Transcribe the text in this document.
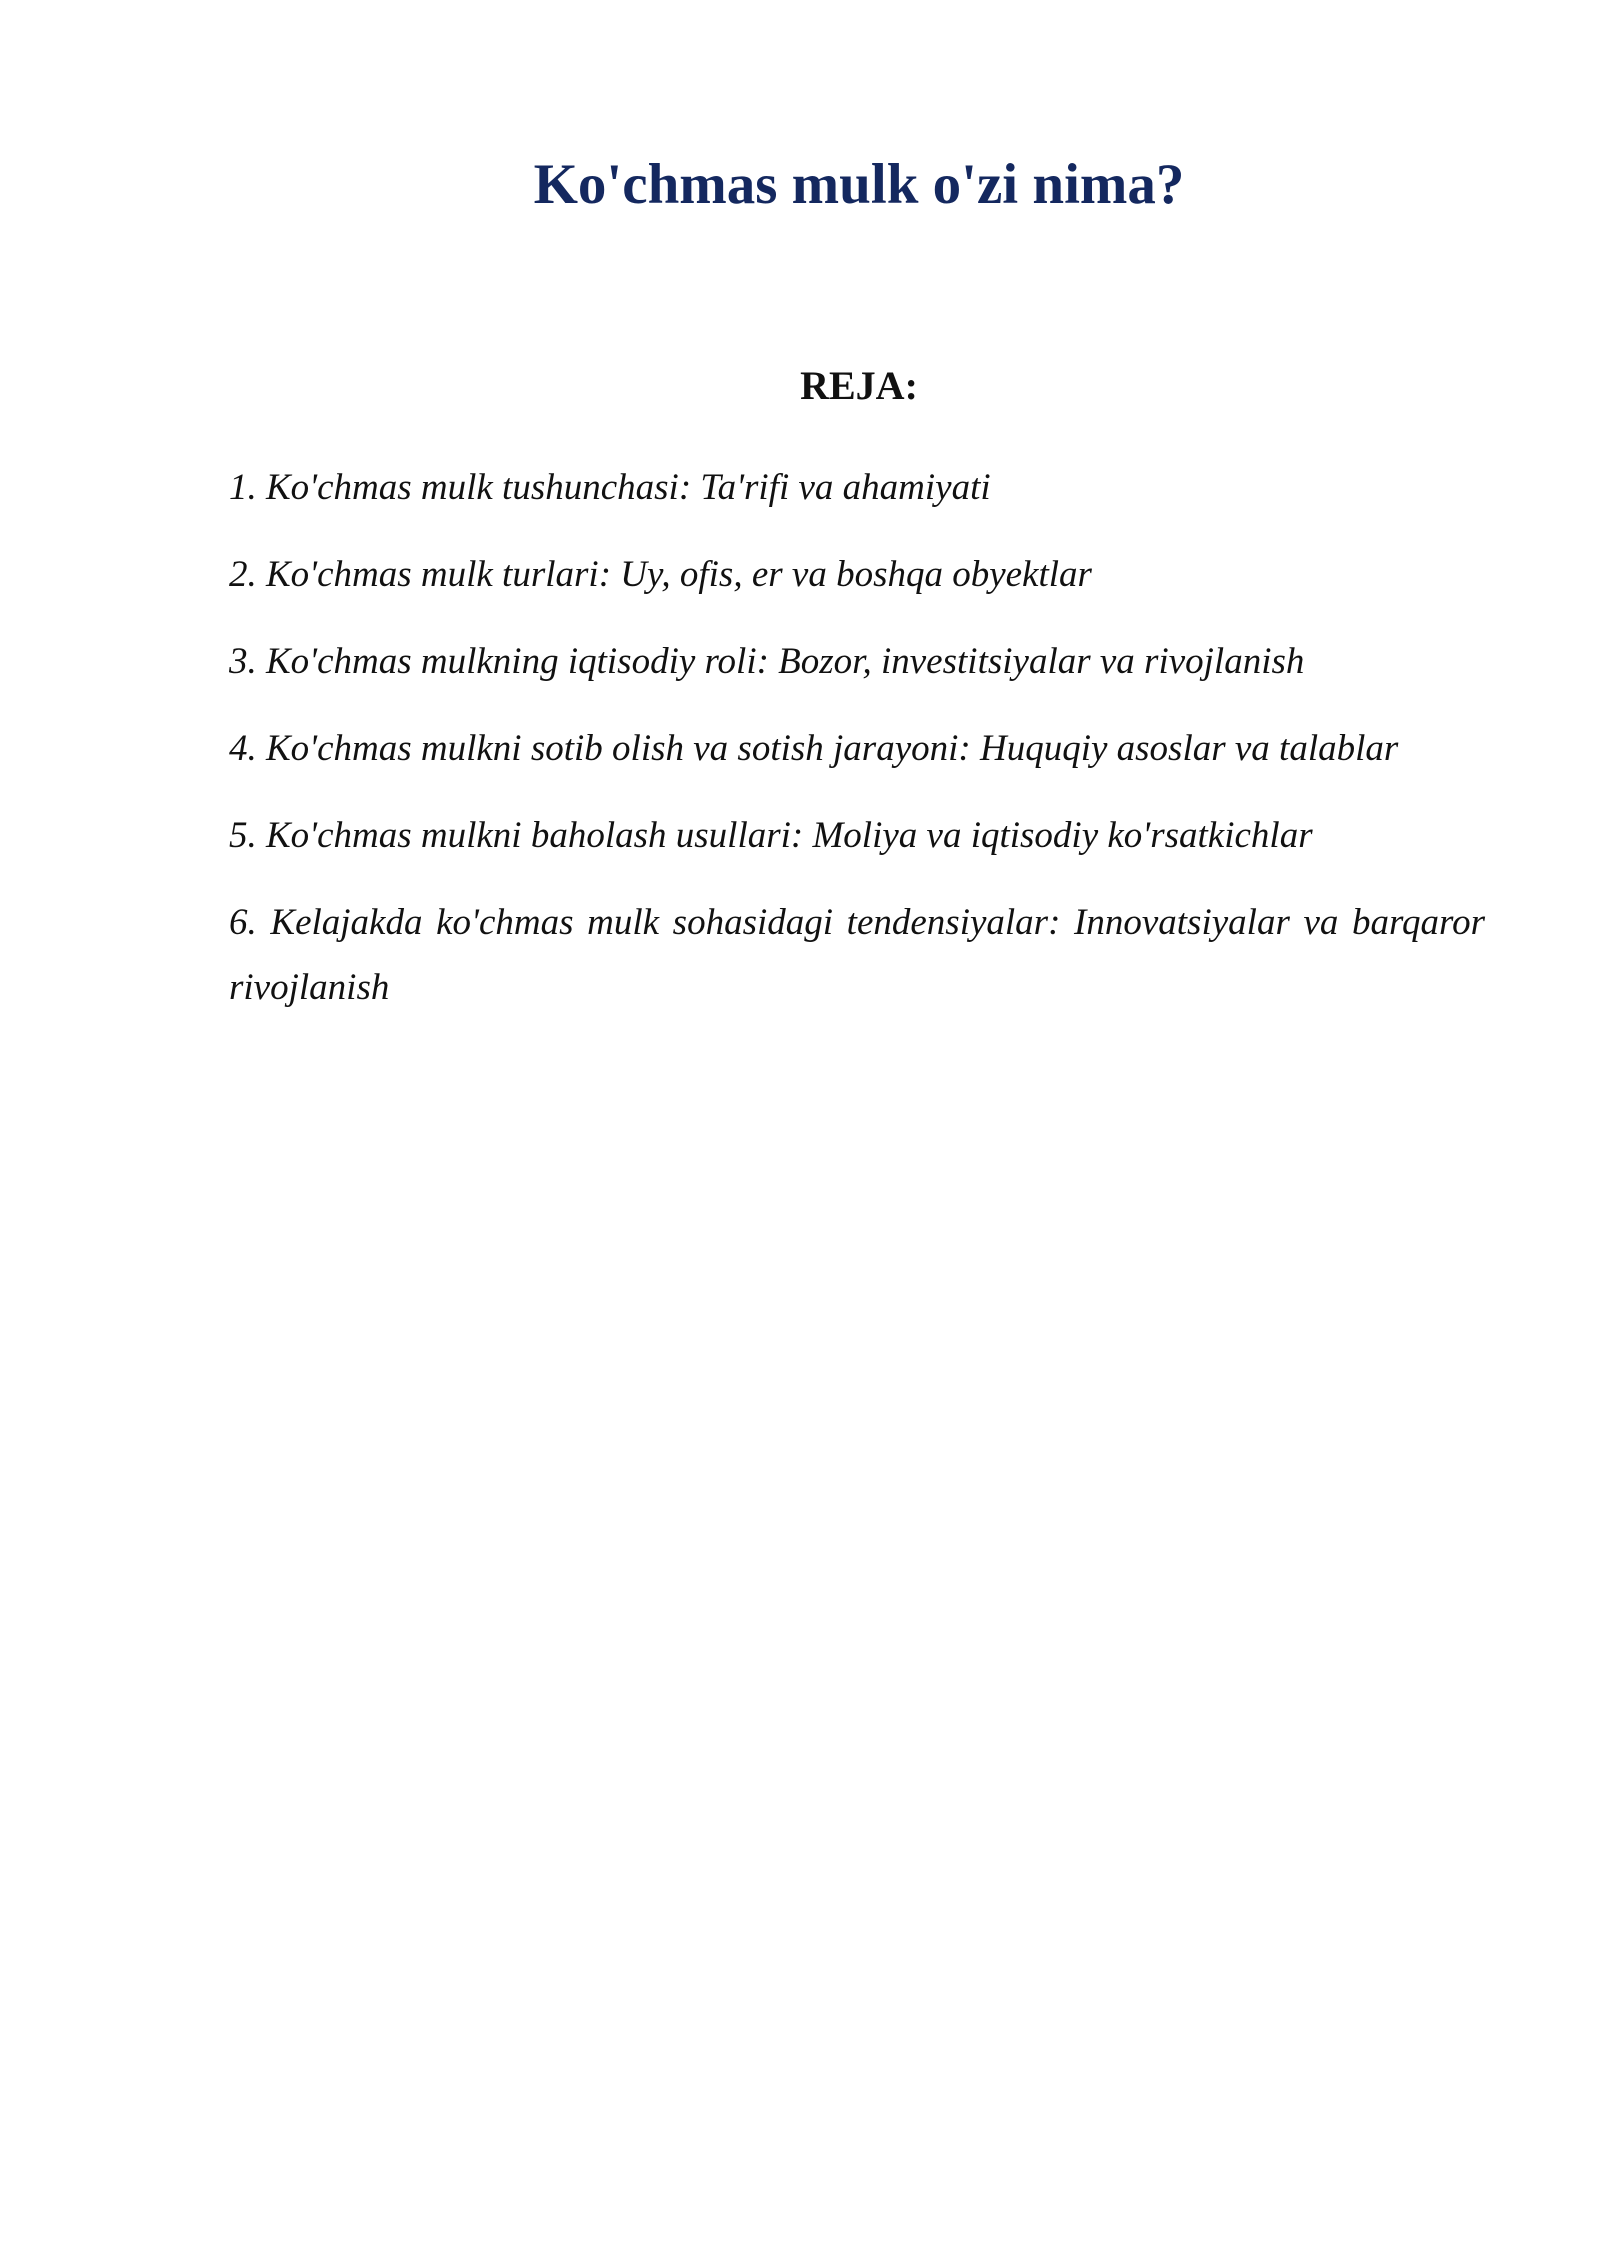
Ko'chmas mulk o'zi nima?
REJA:
1. Ko'chmas mulk tushunchasi: Ta'rifi va ahamiyati
2. Ko'chmas mulk turlari: Uy, ofis, er va boshqa obyektlar
3. Ko'chmas mulkning iqtisodiy roli: Bozor, investitsiyalar va rivojlanish
4. Ko'chmas mulkni sotib olish va sotish jarayoni: Huquqiy asoslar va talablar
5. Ko'chmas mulkni baholash usullari: Moliya va iqtisodiy ko'rsatkichlar
6. Kelajakda ko'chmas mulk sohasidagi tendensiyalar: Innovatsiyalar va barqaror rivojlanish
